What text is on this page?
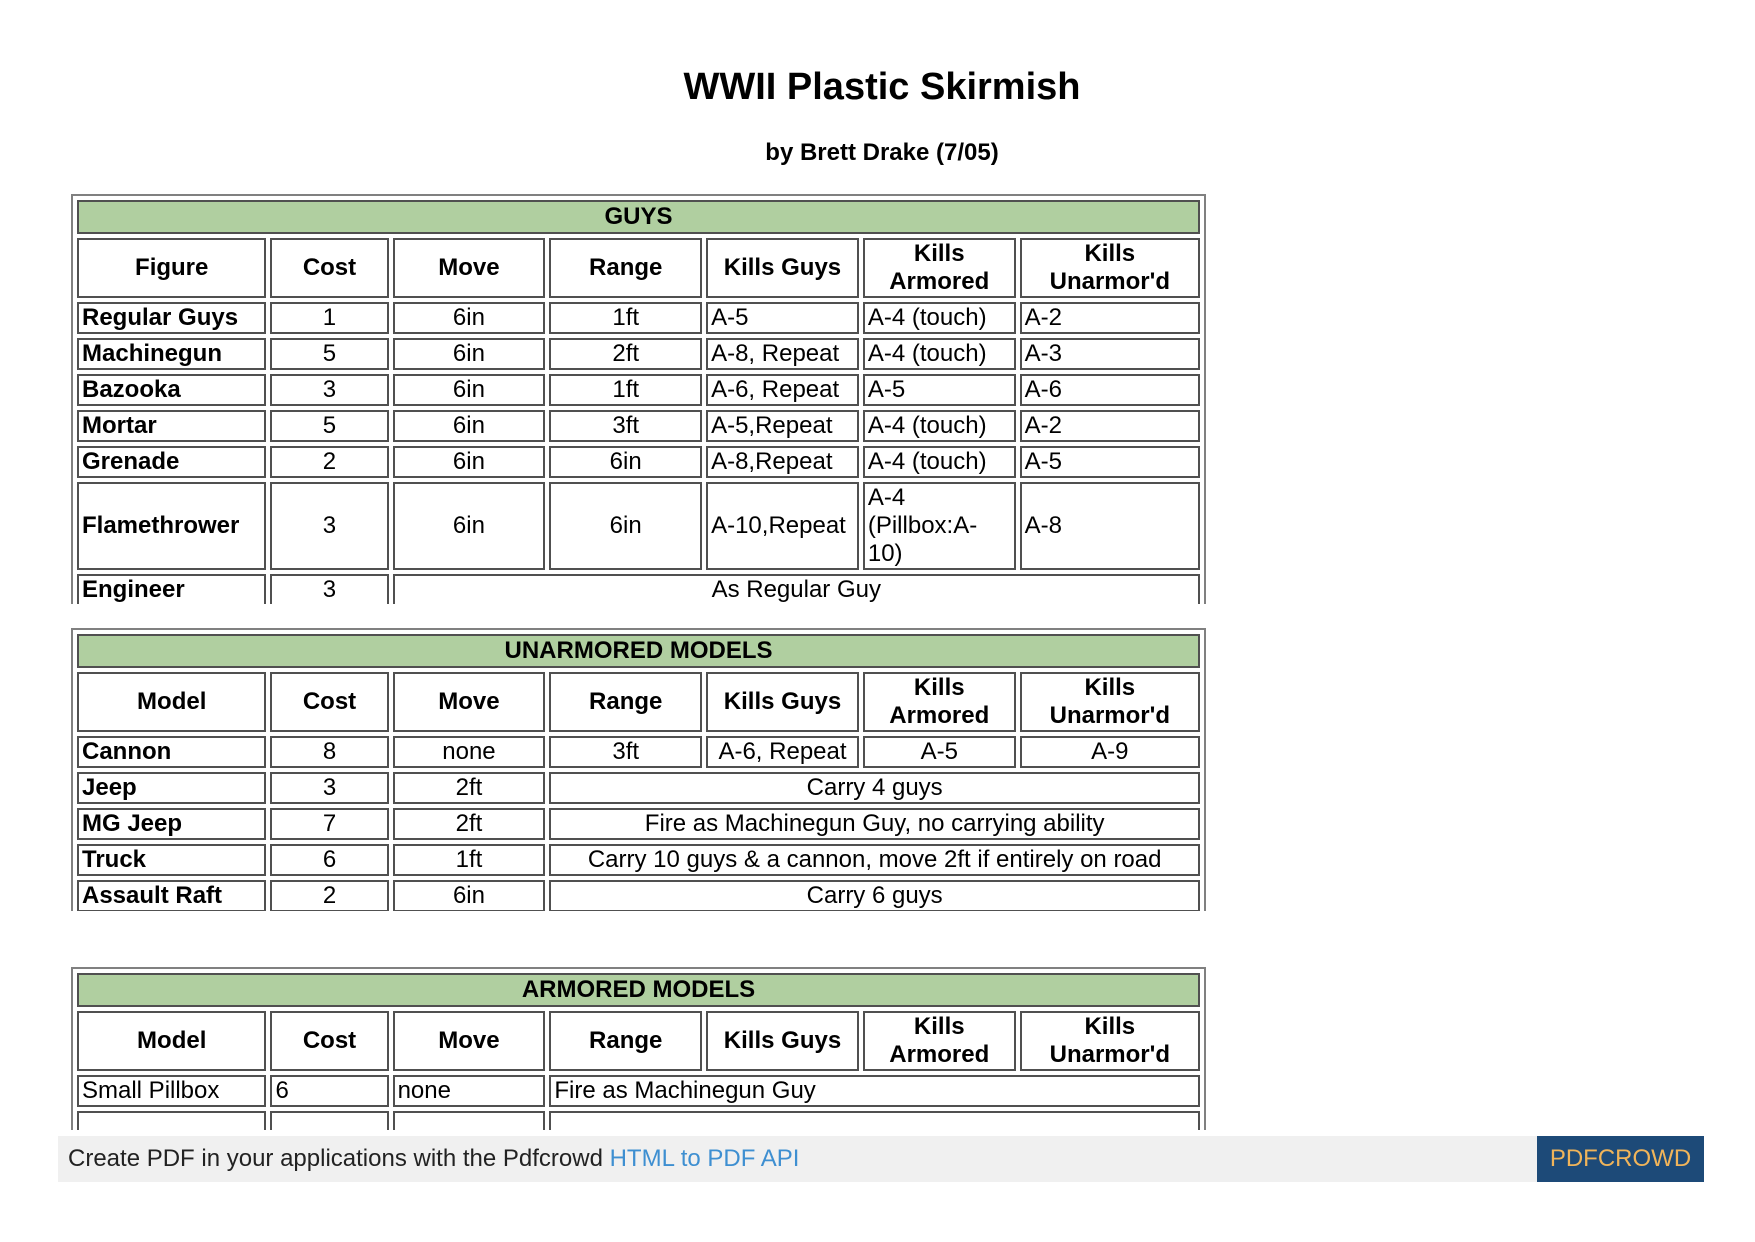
WWII Plastic Skirmish
by Brett Drake (7/05)
GUYS						
Figure	Cost	Move	Range	Kills Guys	Kills Armored	Kills Unarmor'd
Regular Guys	1	6in	1ft	A-5	A-4 (touch)	A-2
Machinegun	5	6in	2ft	A-8, Repeat	A-4 (touch)	A-3
Bazooka	3	6in	1ft	A-6, Repeat	A-5	A-6
Mortar	5	6in	3ft	A-5,Repeat	A-4 (touch)	A-2
Grenade	2	6in	6in	A-8,Repeat	A-4 (touch)	A-5
Flamethrower	3	6in	6in	A-10,Repeat	A-4 (Pillbox:A-10)	A-8
Engineer	3	As Regular Guy				
UNARMORED MODELS						
Model	Cost	Move	Range	Kills Guys	Kills Armored	Kills Unarmor'd
Cannon	8	none	3ft	A-6, Repeat	A-5	A-9
Jeep	3	2ft	Carry 4 guys			
MG Jeep	7	2ft	Fire as Machinegun Guy, no carrying ability			
Truck	6	1ft	Carry 10 guys & a cannon, move 2ft if entirely on road			
Assault Raft	2	6in	Carry 6 guys			
ARMORED MODELS						
Model	Cost	Move	Range	Kills Guys	Kills Armored	Kills Unarmor'd
Small Pillbox	6	none	Fire as Machinegun Guy			

Create PDF in your applications with the Pdfcrowd HTML to PDF API	PDFCROWD
